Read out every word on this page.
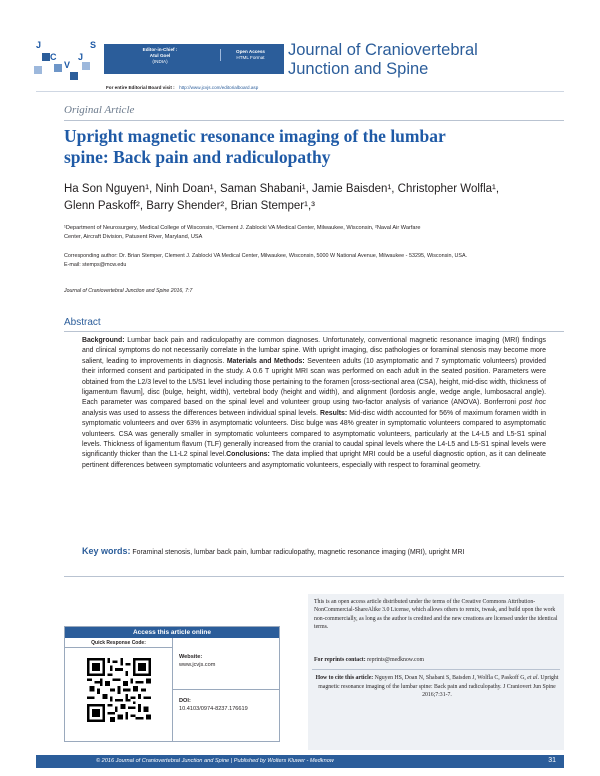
J
C
V
J
S	Editor-in-Chief :
Atul Goel
(INDIA)
Open Access
HTML Format
For entire Editorial Board visit : http://www.jcvjs.com/editorialboard.asp
Journal of Craniovertebral
Junction and Spine
Original Article
Upright magnetic resonance imaging of the lumbar
spine: Back pain and radiculopathy
Ha Son Nguyen¹, Ninh Doan¹, Saman Shabani¹, Jamie Baisden¹, Christopher Wolfla¹,
Glenn Paskoff², Barry Shender², Brian Stemper¹,³
¹Department of Neurosurgery, Medical College of Wisconsin, ³Clement J. Zablocki VA Medical Center, Milwaukee, Wisconsin, ²Naval Air Warfare
Center, Aircraft Division, Patuxent River, Maryland, USA
Corresponding author: Dr. Brian Stemper, Clement J. Zablocki VA Medical Center, Milwaukee, Wisconsin, 5000 W National Avenue, Milwaukee - 53295, Wisconsin, USA.
E-mail: stemps@mcw.edu
Journal of Craniovertebral Junction and Spine 2016, 7:7
Abstract
Background: Lumbar back pain and radiculopathy are common diagnoses. Unfortunately, conventional magnetic resonance imaging (MRI) findings and clinical symptoms do not necessarily correlate in the lumbar spine. With upright imaging, disc pathologies or foraminal stenosis may become more salient, leading to improvements in diagnosis. Materials and Methods: Seventeen adults (10 asymptomatic and 7 symptomatic volunteers) provided their informed consent and participated in the study. A 0.6 T upright MRI scan was performed on each adult in the seated position. Parameters were obtained from the L2/3 level to the L5/S1 level including those pertaining to the foramen [cross-sectional area (CSA), height, mid-disc width, thickness of ligamentum flavum], disc (bulge, height, width), vertebral body (height and width), and alignment (lordosis angle, wedge angle, lumbosacral angle). Each parameter was compared based on the spinal level and volunteer group using two-factor analysis of variance (ANOVA). Bonferroni post hoc analysis was used to assess the differences between individual spinal levels. Results: Mid-disc width accounted for 56% of maximum foramen width in symptomatic volunteers and over 63% in asymptomatic volunteers. Disc bulge was 48% greater in symptomatic volunteers compared to asymptomatic volunteers. CSA was generally smaller in symptomatic volunteers compared to asymptomatic volunteers, particularly at the L4-L5 and L5-S1 spinal levels. Thickness of ligamentum flavum (TLF) generally increased from the cranial to caudal spinal levels where the L4-L5 and L5-S1 spinal levels were significantly thicker than the L1-L2 spinal level.Conclusions: The data implied that upright MRI could be a useful diagnostic option, as it can delineate pertinent differences between symptomatic volunteers and asymptomatic volunteers, especially with respect to foraminal geometry.
Key words: Foraminal stenosis, lumbar back pain, lumbar radiculopathy, magnetic resonance imaging (MRI), upright MRI
Access this article online
Quick Response Code:
Website:
www.jcvjs.com
DOI:
10.4103/0974-8237.176619
This is an open access article distributed under the terms of the Creative Commons Attribution-NonCommercial-ShareAlike 3.0 License, which allows others to remix, tweak, and build upon the work non-commercially, as long as the author is credited and the new creations are licensed under the identical terms.
For reprints contact: reprints@medknow.com
How to cite this article: Nguyen HS, Doan N, Shabani S, Baisden J, Wolfla C, Paskoff G, et al. Upright magnetic resonance imaging of the lumbar spine: Back pain and radiculopathy. J Craniovert Jun Spine 2016;7:31-7.
© 2016 Journal of Craniovertebral Junction and Spine | Published by Wolters Kluwer - Medknow	31
